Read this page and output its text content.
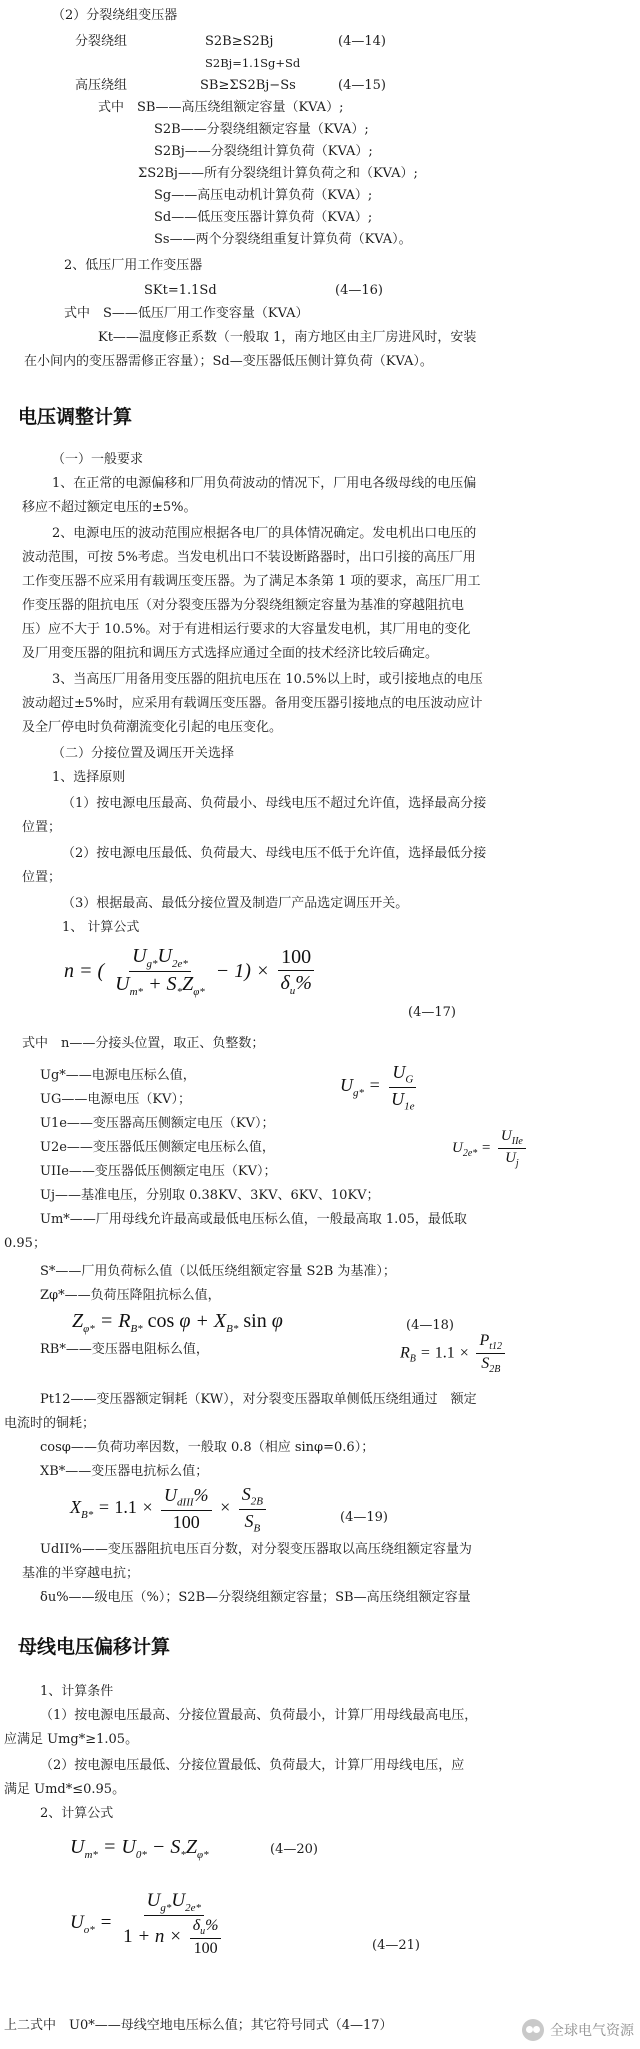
（2）分裂绕组变压器
分裂绕组	S2B≥S2Bj	(4—14)
S2Bj=1.1Sg+Sd
高压绕组	SB≥ΣS2Bj−Ss	(4—15)
式中　SB——高压绕组额定容量（KVA）;
S2B——分裂绕组额定容量（KVA）;
S2Bj——分裂绕组计算负荷（KVA）;
ΣS2Bj——所有分裂绕组计算负荷之和（KVA）;
Sg——高压电动机计算负荷（KVA）;
Sd——低压变压器计算负荷（KVA）;
Ss——两个分裂绕组重复计算负荷（KVA）。
2、低压厂用工作变压器
SKt=1.1Sd	(4—16)
式中　S——低压厂用工作变容量（KVA）
Kt——温度修正系数（一般取 1，南方地区由主厂房进风时，安装
在小间内的变压器需修正容量）；Sd—变压器低压侧计算负荷（KVA）。
电压调整计算
（一）一般要求
1、在正常的电源偏移和厂用负荷波动的情况下，厂用电各级母线的电压偏
移应不超过额定电压的±5%。
2、电源电压的波动范围应根据各电厂的具体情况确定。发电机出口电压的
波动范围，可按 5%考虑。当发电机出口不装设断路器时，出口引接的高压厂用
工作变压器不应采用有载调压变压器。为了满足本条第 1 项的要求，高压厂用工
作变压器的阻抗电压（对分裂变压器为分裂绕组额定容量为基准的穿越阻抗电
压）应不大于 10.5%。对于有进相运行要求的大容量发电机，其厂用电的变化
及厂用变压器的阻抗和调压方式选择应通过全面的技术经济比较后确定。
3、当高压厂用备用变压器的阻抗电压在 10.5%以上时，或引接地点的电压
波动超过±5%时，应采用有载调压变压器。备用变压器引接地点的电压波动应计
及全厂停电时负荷潮流变化引起的电压变化。
（二）分接位置及调压开关选择
1、选择原则
（1）按电源电压最高、负荷最小、母线电压不超过允许值，选择最高分接
位置；
（2）按电源电压最低、负荷最大、母线电压不低于允许值，选择最低分接
位置；
（3）根据最高、最低分接位置及制造厂产品选定调压开关。
1、 计算公式
n = ( $\frac{U_{g*}U_{2e*}}{U_{m*} + S_*Z_{\varphi*}} - 1) \times \frac{100}{\delta_u\%}$
(4—17)
式中　n——分接头位置，取正、负整数；
Ug*——电源电压标么值，
UG——电源电压（KV）；
U1e——变压器高压侧额定电压（KV）；
U2e——变压器低压侧额定电压标么值，
UIIe——变压器低压侧额定电压（KV）；
Uj——基准电压，分别取 0.38KV、3KV、6KV、10KV；
Um*——厂用母线允许最高或最低电压标么值，一般最高取 1.05，最低取
0.95；
$U_{g*} = \frac{U_G}{U_{1e}}$
$U_{2e*} = \frac{U_{IIe}}{U_j}$
S*——厂用负荷标么值（以低压绕组额定容量 S2B 为基准）；
Zφ*——负荷压降阻抗标么值，
$Z_{\varphi*} = R_{B*}$ $\cos \varphi + X_{B*}$ sin φ	(4—18)
RB*——变压器电阻标么值，	$R_B = 1.1 \times \frac{P_{t12}}{S_{2B}}$
Pt12——变压器额定铜耗（KW），对分裂变压器取单侧低压绕组通过　额定
电流时的铜耗；
cosφ——负荷功率因数，一般取 0.8（相应 sinφ=0.6）；
XB*——变压器电抗标么值；
$X_{B*} = 1.1 \times \frac{U_{dIII}\%}{100} \times \frac{S_{2B}}{S_B}$	(4—19)
UdII%——变压器阻抗电压百分数，对分裂变压器取以高压绕组额定容量为
基准的半穿越电抗；
δu%——级电压（%）；S2B—分裂绕组额定容量；SB—高压绕组额定容量
母线电压偏移计算
1、计算条件
（1）按电源电压最高、分接位置最高、负荷最小，计算厂用母线最高电压，
应满足 Umg*≥1.05。
（2）按电源电压最低、分接位置最低、负荷最大，计算厂用母线电压，应
满足 Umd*≤0.95。
2、计算公式
$U_{m*} = U_{0*} - S_*Z_{\varphi*}$	(4—20)
$U_{o*} = \frac{U_{g*}U_{2e*}}{1 + n \times \frac{\delta_u\%}{100}}$	(4—21)
上二式中　U0*——母线空地电压标么值；其它符号同式（4—17）	全球电气资源
